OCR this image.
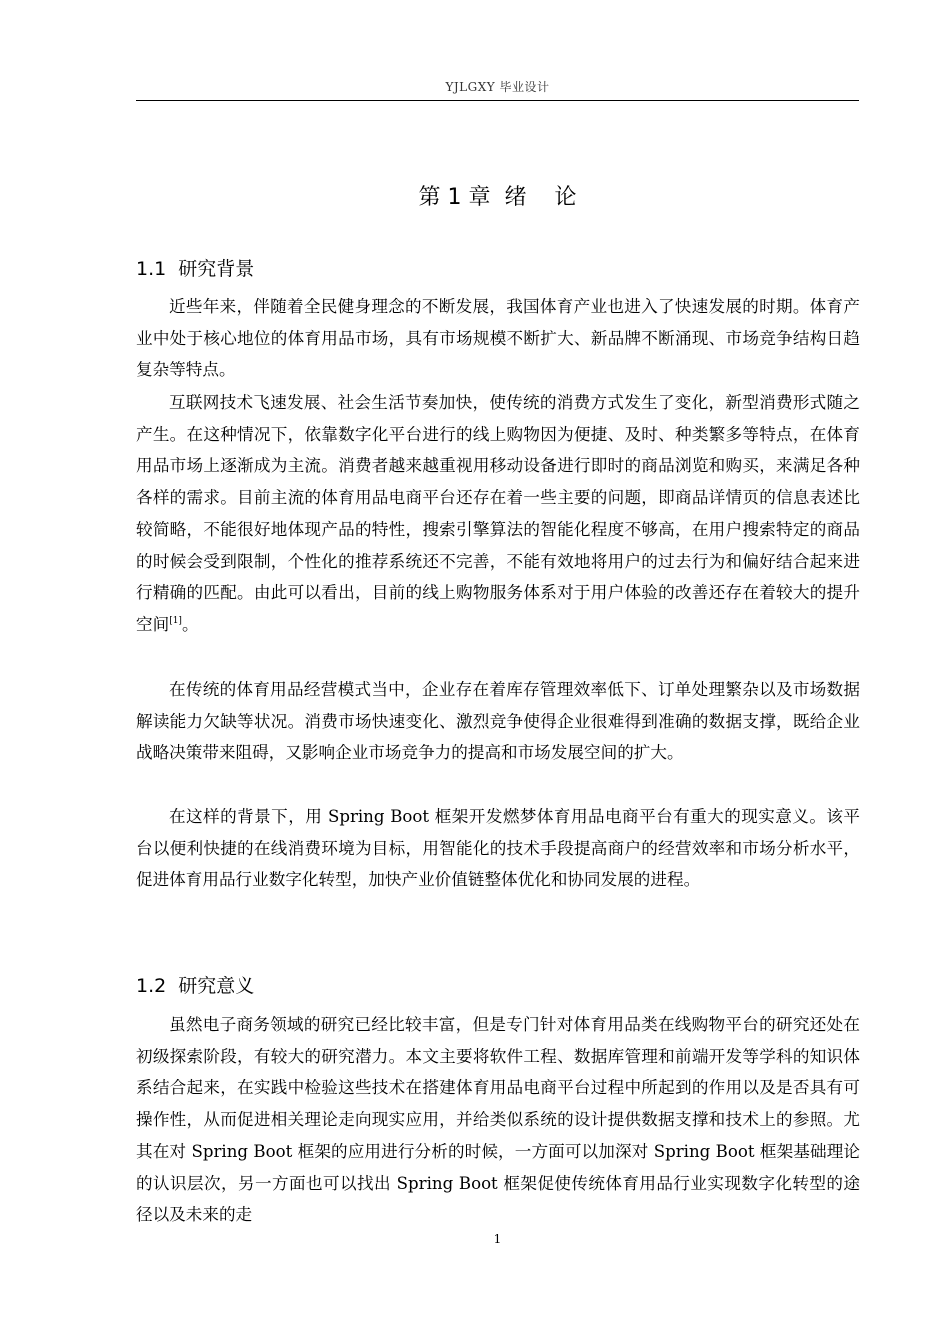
YJLGXY 毕业设计
第 1 章  绪    论
1.1  研究背景

近些年来，伴随着全民健身理念的不断发展，我国体育产业也进入了快速发展的时期。体育产业中处于核心地位的体育用品市场，具有市场规模不断扩大、新品牌不断涌现、市场竞争结构日趋复杂等特点。

互联网技术飞速发展、社会生活节奏加快，使传统的消费方式发生了变化，新型消费形式随之产生。在这种情况下，依靠数字化平台进行的线上购物因为便捷、及时、种类繁多等特点，在体育用品市场上逐渐成为主流。消费者越来越重视用移动设备进行即时的商品浏览和购买，来满足各种各样的需求。目前主流的体育用品电商平台还存在着一些主要的问题，即商品详情页的信息表述比较简略，不能很好地体现产品的特性，搜索引擎算法的智能化程度不够高，在用户搜索特定的商品的时候会受到限制，个性化的推荐系统还不完善，不能有效地将用户的过去行为和偏好结合起来进行精确的匹配。由此可以看出，目前的线上购物服务体系对于用户体验的改善还存在着较大的提升空间[1]。

在传统的体育用品经营模式当中，企业存在着库存管理效率低下、订单处理繁杂以及市场数据解读能力欠缺等状况。消费市场快速变化、激烈竞争使得企业很难得到准确的数据支撑，既给企业战略决策带来阻碍，又影响企业市场竞争力的提高和市场发展空间的扩大。

在这样的背景下，用 Spring Boot 框架开发燃梦体育用品电商平台有重大的现实意义。该平台以便利快捷的在线消费环境为目标，用智能化的技术手段提高商户的经营效率和市场分析水平，促进体育用品行业数字化转型，加快产业价值链整体优化和协同发展的进程。

1.2  研究意义

虽然电子商务领域的研究已经比较丰富，但是专门针对体育用品类在线购物平台的研究还处在初级探索阶段，有较大的研究潜力。本文主要将软件工程、数据库管理和前端开发等学科的知识体系结合起来，在实践中检验这些技术在搭建体育用品电商平台过程中所起到的作用以及是否具有可操作性，从而促进相关理论走向现实应用，并给类似系统的设计提供数据支撑和技术上的参照。尤其在对 Spring Boot 框架的应用进行分析的时候，一方面可以加深对 Spring Boot 框架基础理论的认识层次，另一方面也可以找出 Spring Boot 框架促使传统体育用品行业实现数字化转型的途径以及未来的走

1
